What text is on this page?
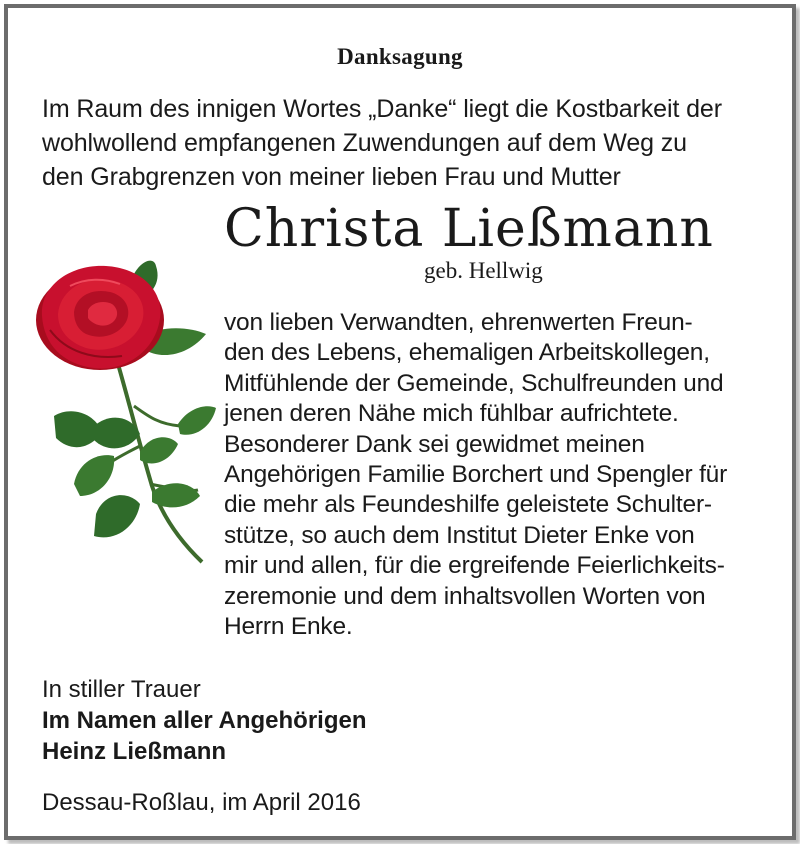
Danksagung
Im Raum des innigen Wortes „Danke“ liegt die Kostbarkeit der
wohlwollend empfangenen Zuwendungen auf dem Weg zu
den Grabgrenzen von meiner lieben Frau und Mutter
Christa Ließmann
geb. Hellwig
von lieben Verwandten, ehrenwerten Freun-
den des Lebens, ehemaligen Arbeitskollegen,
Mitfühlende der Gemeinde, Schulfreunden und
jenen deren Nähe mich fühlbar aufrichtete.
Besonderer Dank sei gewidmet meinen
Angehörigen Familie Borchert und Spengler für
die mehr als Feundeshilfe geleistete Schulter-
stütze, so auch dem Institut Dieter Enke von
mir und allen, für die ergreifende Feierlichkeits-
zeremonie und dem inhaltsvollen Worten von
Herrn Enke.
In stiller Trauer
Im Namen aller Angehörigen
Heinz Ließmann
Dessau-Roßlau, im April 2016
